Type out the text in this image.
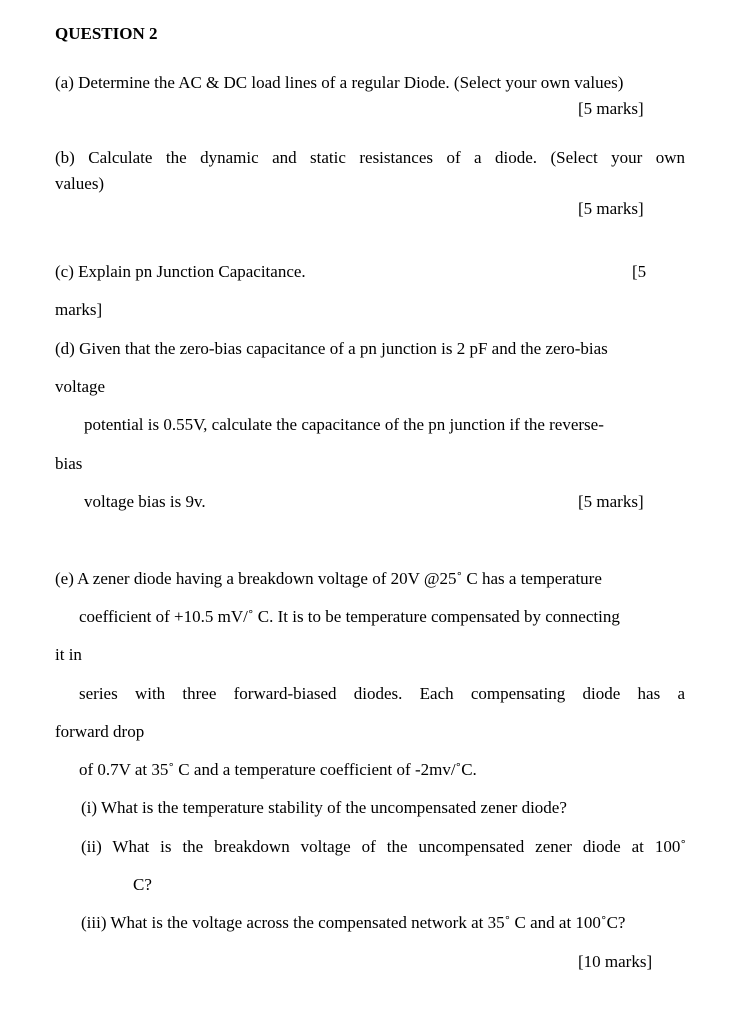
QUESTION 2
(a) Determine the AC & DC load lines of a regular Diode. (Select your own values)
[5 marks]
(b) Calculate the dynamic and static resistances of a diode. (Select your own
values)
[5 marks]
(c) Explain pn Junction Capacitance.	[5
marks]
(d) Given that the zero-bias capacitance of a pn junction is 2 pF and the zero-bias
voltage
potential is 0.55V, calculate the capacitance of the pn junction if the reverse-
bias
voltage bias is 9v.	[5 marks]
(e) A zener diode having a breakdown voltage of 20V @25˚ C has a temperature
coefficient of +10.5 mV/˚ C. It is to be temperature compensated by connecting
it in
series with three forward-biased diodes. Each compensating diode has a
forward drop
of 0.7V at 35˚ C and a temperature coefficient of -2mv/˚C.
(i) What is the temperature stability of the uncompensated zener diode?
(ii) What is the breakdown voltage of the uncompensated zener diode at 100˚
C?
(iii) What is the voltage across the compensated network at 35˚ C and at 100˚C?
[10 marks]
